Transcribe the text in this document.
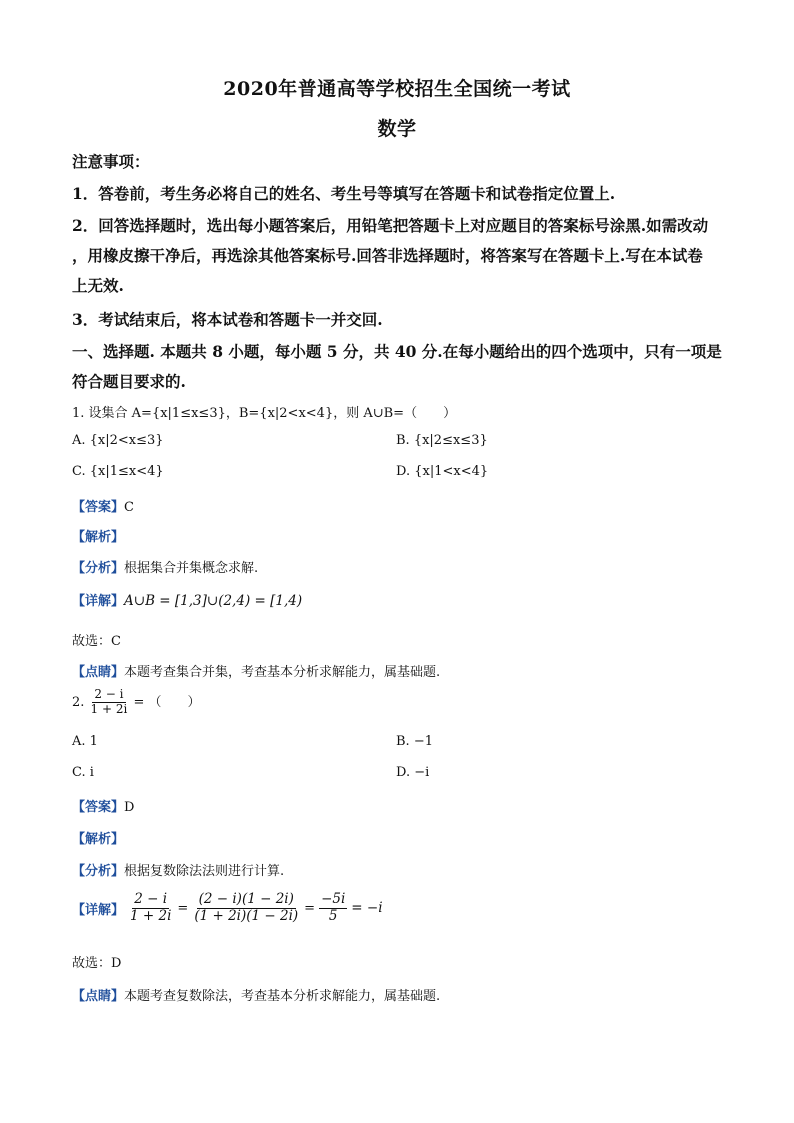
2020年普通高等学校招生全国统一考试
数学
注意事项：
1．答卷前，考生务必将自己的姓名、考生号等填写在答题卡和试卷指定位置上.
2．回答选择题时，选出每小题答案后，用铅笔把答题卡上对应题目的答案标号涂黑.如需改动
，用橡皮擦干净后，再选涂其他答案标号.回答非选择题时，将答案写在答题卡上.写在本试卷
上无效.
3．考试结束后，将本试卷和答题卡一并交回.
一、选择题. 本题共 8 小题，每小题 5 分，共 40 分.在每小题给出的四个选项中，只有一项是
符合题目要求的.
1. 设集合 A={x|1≤x≤3}，B={x|2<x<4}，则 A∪B=（　　）
A. {x|2<x≤3}	B. {x|2≤x≤3}
C. {x|1≤x<4}	D. {x|1<x<4}
【答案】C
【解析】
【分析】根据集合并集概念求解.
【详解】A∪B = [1,3]∪(2,4) = [1,4)
故选：C
【点睛】本题考查集合并集，考查基本分析求解能力，属基础题.
2. $\frac{2 - i}{1 + 2i}$ = （　　）
A. 1	B. −1
C. i	D. −i
【答案】D
【解析】
【分析】根据复数除法法则进行计算.
【详解】 $\frac{2 - i}{1 + 2i} = \frac{(2 - i)(1 - 2i)}{(1 + 2i)(1 - 2i)} = \frac{-5i}{5} = -i$
故选：D
【点睛】本题考查复数除法，考查基本分析求解能力，属基础题.
